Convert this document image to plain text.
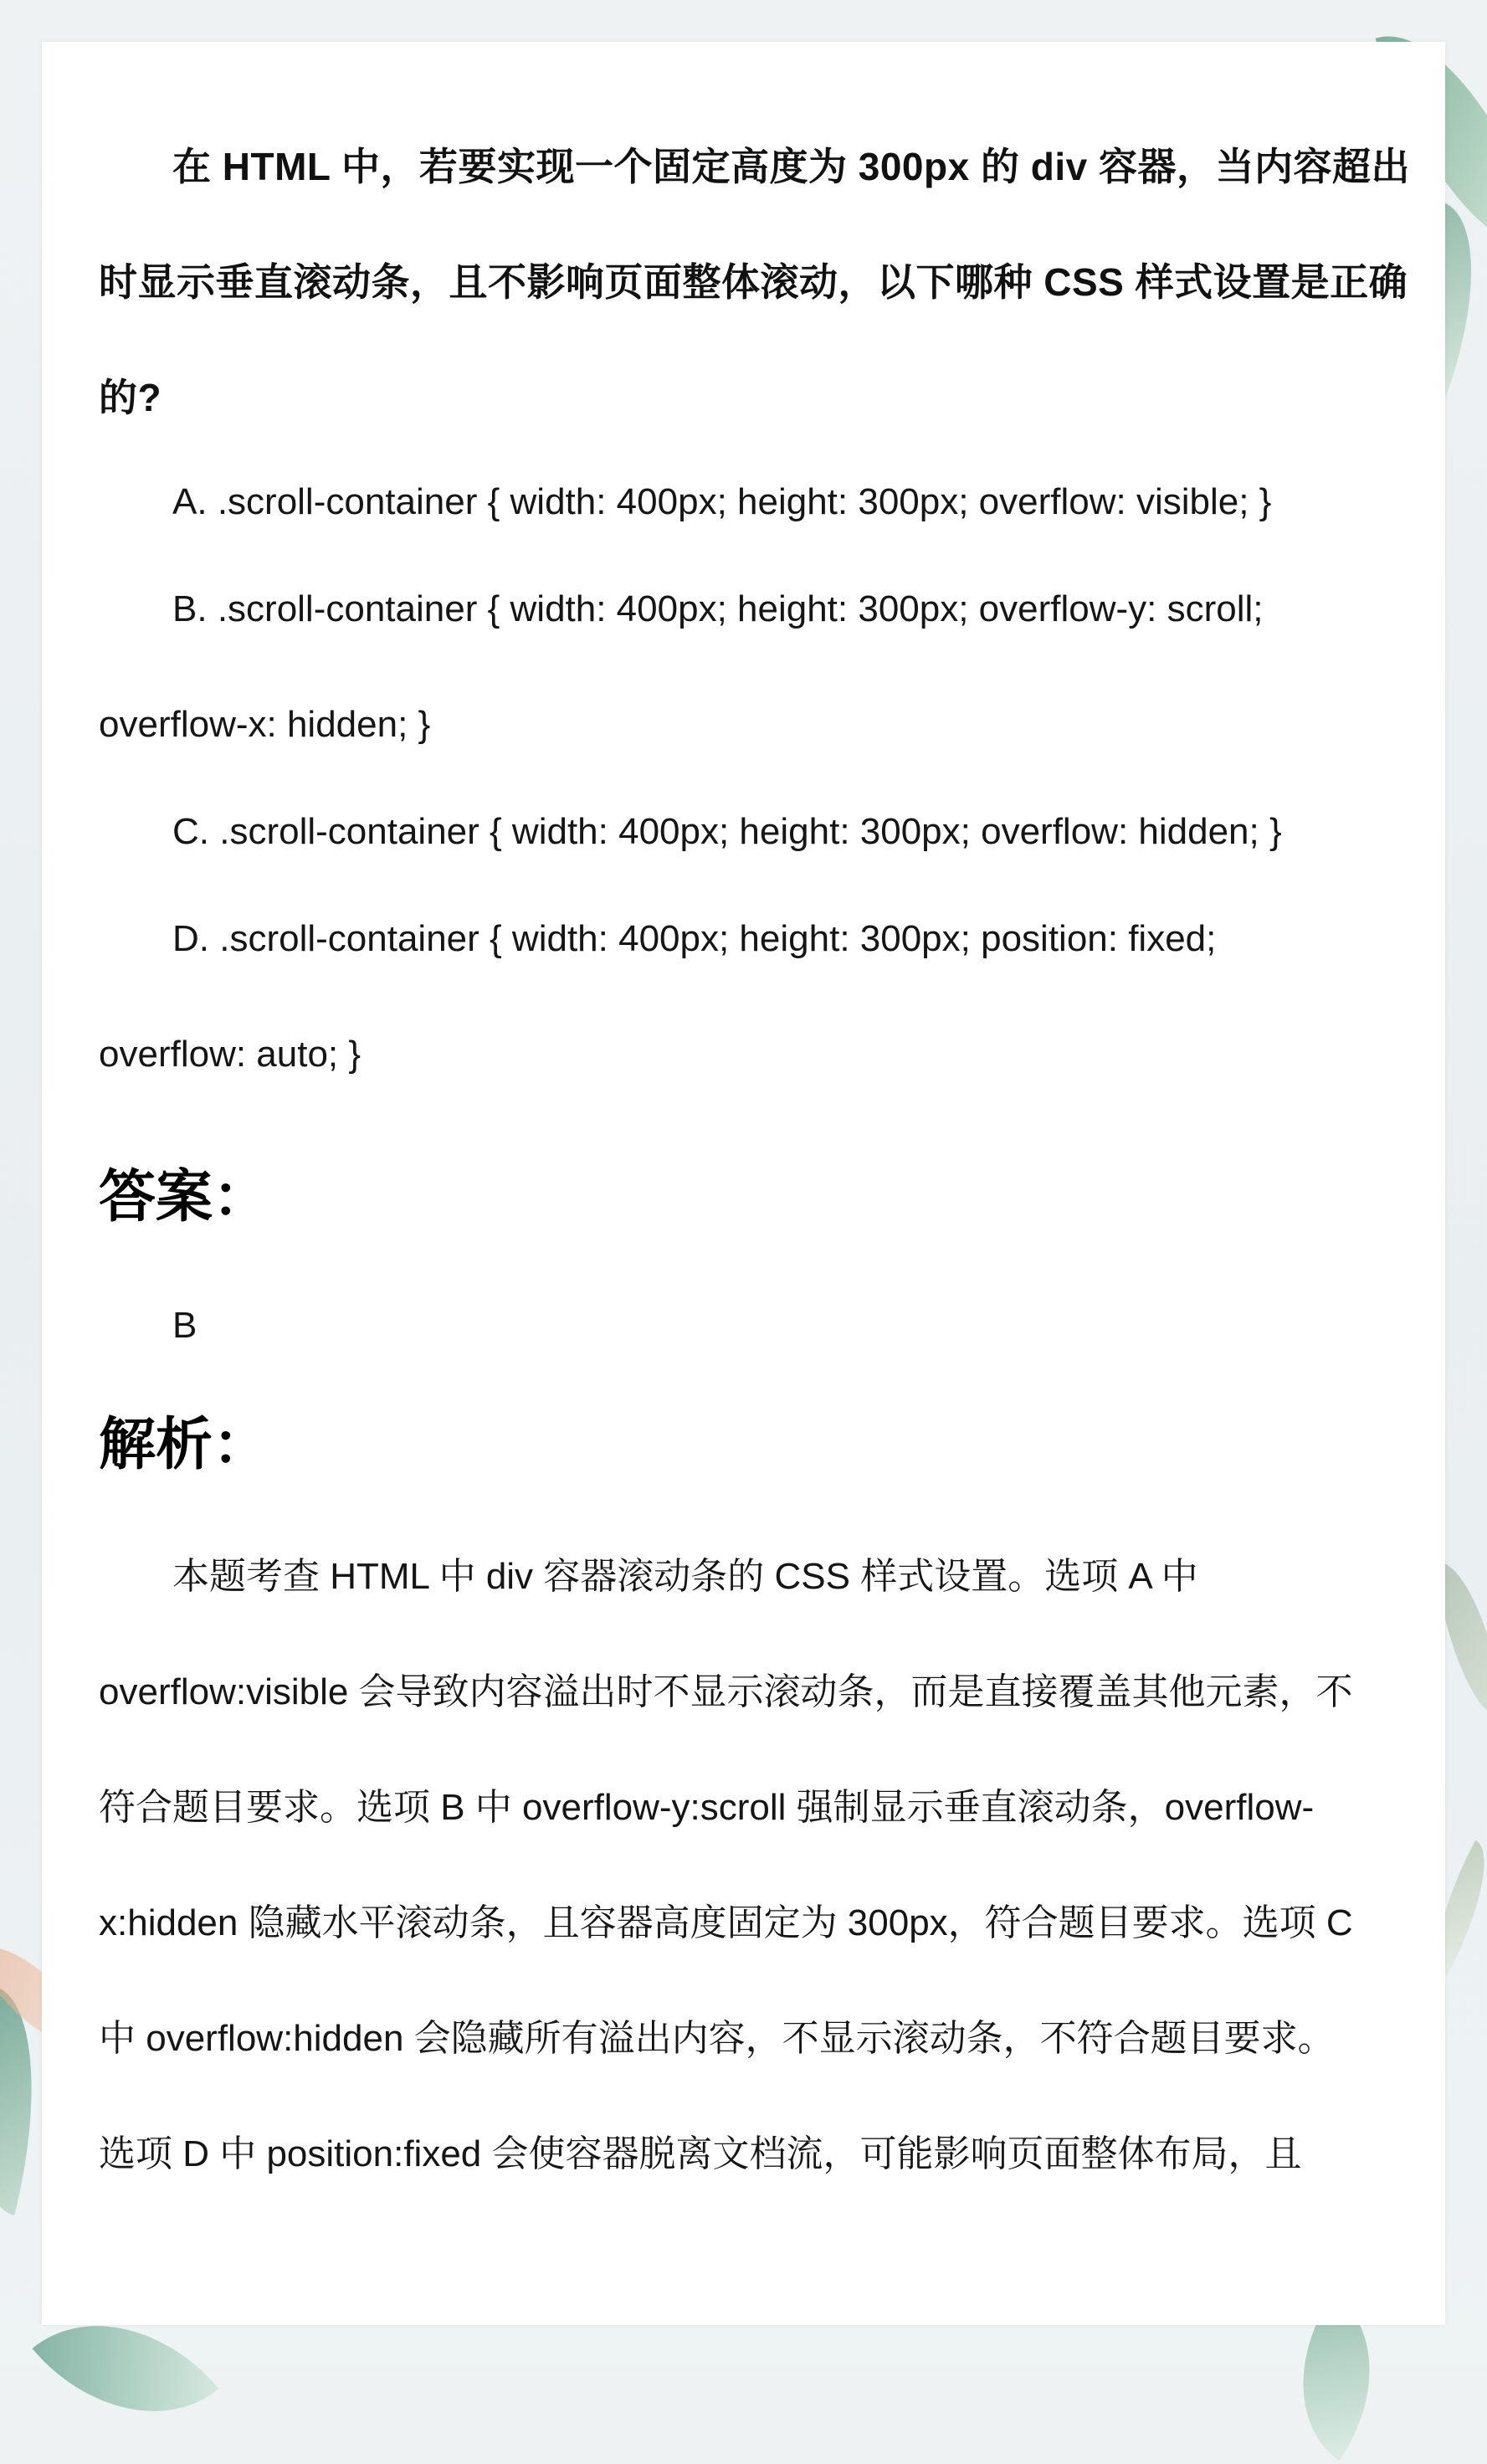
在 HTML 中，若要实现一个固定高度为 300px 的 div 容器，当内容超出
时显示垂直滚动条，且不影响页面整体滚动，以下哪种 CSS 样式设置是正确
的?
A. .scroll-container { width: 400px; height: 300px; overflow: visible; }
B. .scroll-container { width: 400px; height: 300px; overflow-y: scroll;
overflow-x: hidden; }
C. .scroll-container { width: 400px; height: 300px; overflow: hidden; }
D. .scroll-container { width: 400px; height: 300px; position: fixed;
overflow: auto; }
答案：
B
解析：
本题考查 HTML 中 div 容器滚动条的 CSS 样式设置。选项 A 中
overflow:visible 会导致内容溢出时不显示滚动条，而是直接覆盖其他元素，不
符合题目要求。选项 B 中 overflow-y:scroll 强制显示垂直滚动条，overflow-
x:hidden 隐藏水平滚动条，且容器高度固定为 300px，符合题目要求。选项 C
中 overflow:hidden 会隐藏所有溢出内容，不显示滚动条，不符合题目要求。
选项 D 中 position:fixed 会使容器脱离文档流，可能影响页面整体布局，且
